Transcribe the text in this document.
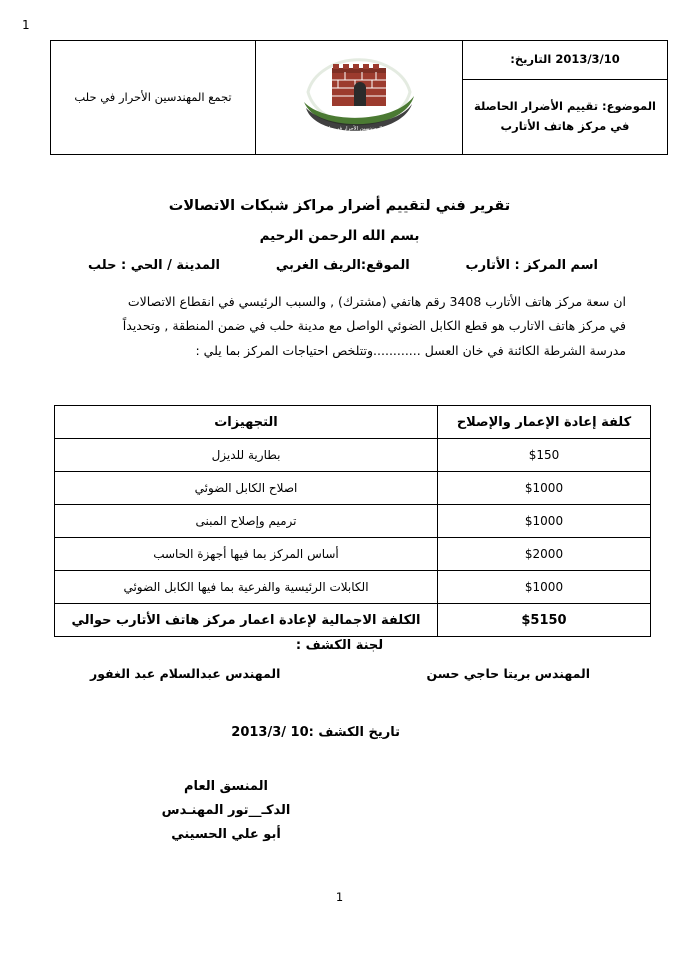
1
2013/3/10 التاريخ:	
تجمع المهندسين الأحرار في حلب
	تجمع المهندسين الأحرار في حلب
الموضوع: تقييم الأضرار الحاصلة في مركز هاتف الأتارب
تقرير فني لتقييم أضرار مراكز شبكات الاتصالات
بسم الله الرحمن الرحيم
اسم المركز : الأتارب
الموقع:الريف الغربي
المدينة / الحي : حلب

ان سعة مركز هاتف الأتارب 3408 رقم هاتفي (مشترك) , والسبب الرئيسي في انقطاع الاتصالات

في مركز هاتف الاتارب هو قطع الكابل الضوئي الواصل مع مدينة حلب في ضمن المنطقة , وتحديداً

مدرسة الشرطة الكائنة في خان العسل ............وتتلخص احتياجات المركز بما يلي :

كلفة إعادة الإعمار والإصلاح	التجهيزات
$150	بطارية للديزل
$1000	اصلاح الكابل الضوئي
$1000	ترميم وإصلاح المبنى
$2000	أساس المركز بما فيها أجهزة الحاسب
$1000	الكابلات الرئيسية والفرعية بما فيها الكابل الضوئي
$5150	الكلفة الاجمالية لإعادة اعمار مركز هاتف الأتارب حوالي
لجنة الكشف :
المهندس بريتا حاجي حسن
المهندس عبدالسلام عبد الغفور
تاريخ الكشف :10 /2013/3
المنسق العام
الدكـ__تور المهنـدس
أبو علي الحسيني
1
